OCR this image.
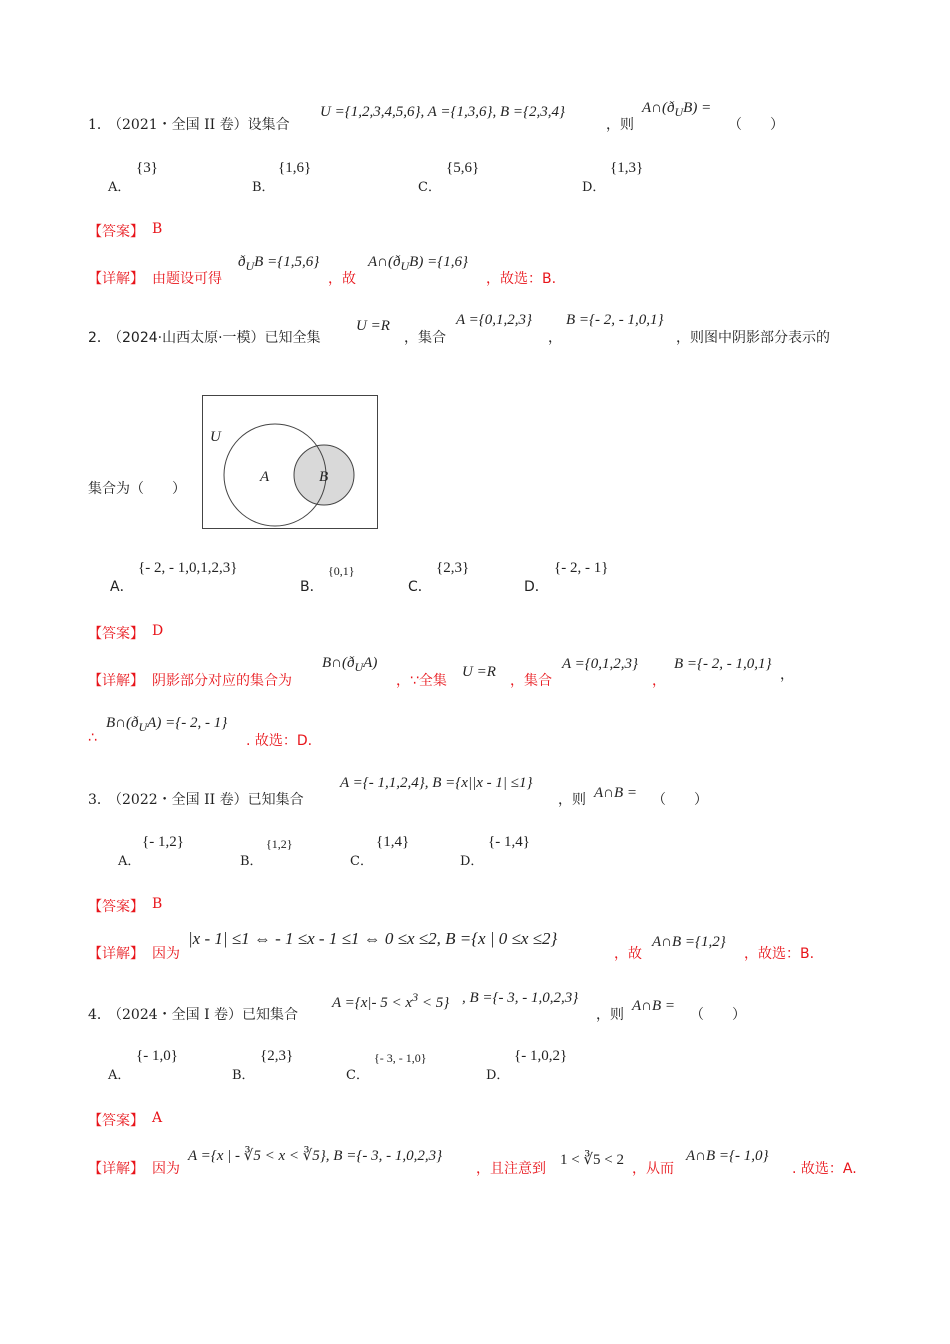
1．
（2021・全国 II 卷）设集合
U ={1,2,3,4,5,6}, A ={1,3,6}, B ={2,3,4}
，则
$A\cap(ð_UB)$ =
（　　）
A．
{3}
B．
{1,6}
C．
{5,6}
D．
{1,3}
【答案】 B
【详解】 由题设可得
$ð_UB =\{1,5,6\}$
，故
$A\cap(ð_UB) =\{1,6\}$
，故选：B.
2．
（2024·山西太原·一模）已知全集
U =R
，集合
A ={0,1,2,3}
，
B ={- 2, - 1,0,1}
，则图中阴影部分表示的
U
A	B
集合为（　　）
A．
{- 2, - 1,0,1,2,3}
B．
{0,1}
C．
{2,3}
D．
{- 2, - 1}
【答案】 D
【详解】 阴影部分对应的集合为
$B\cap(ð_UA)$
，∵全集
U =R
，集合
A ={0,1,2,3}
，
B ={- 2, - 1,0,1}
，
∴
$B\cap(ð_UA)$ ={- 2, - 1}
. 故选：D.
3．
（2022・全国 II 卷）已知集合
A ={- 1,1,2,4}, B ={x||x - 1| ≤1}
，则 A∩B = （　　）
A．
{- 1,2}
B．
{1,2}
C．
{1,4}
D．
{- 1,4}
【答案】 B
【详解】 因为
|x - 1| ≤1 ⇔ - 1 ≤x - 1 ≤1 ⇔ 0 ≤x ≤2, B ={x | 0 ≤x ≤2}
，故
A∩B ={1,2}
，故选：B.
4．
（2024・全国 I 卷）已知集合
A ={x|- $5 < x^3 < 5$} , B ={- 3, - 1,0,2,3}
，则
A∩B =
（　　）
A．
{- 1,0}
B．
{2,3}
C．
{- 3, - 1,0}
D．
{- 1,0,2}
【答案】 A
【详解】 因为
A ={x | - ∛5 < x < ∛5}, B ={- 3, - 1,0,2,3}
，且注意到
1 < ∛5 < 2
，从而
A∩B ={- 1,0}
. 故选：A.
